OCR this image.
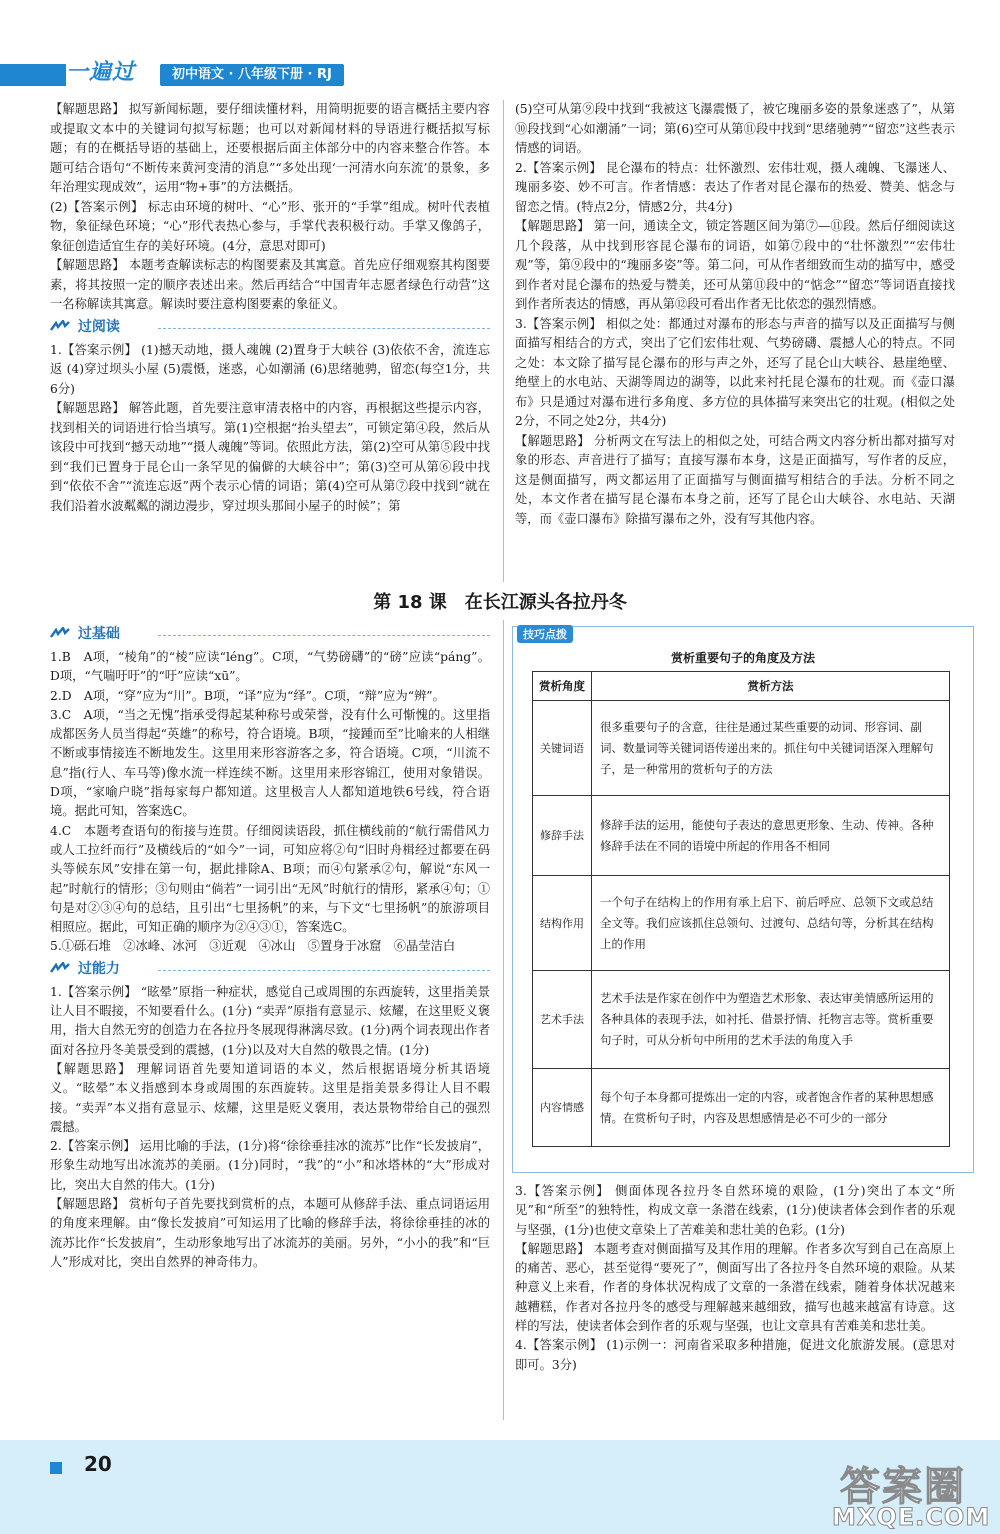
一遍过	初中语文 · 八年级下册 · RJ

【解题思路】 拟写新闻标题，要仔细读懂材料，用简明扼要的语言概括主要内容或提取文本中的关键词句拟写标题；也可以对新闻材料的导语进行概括拟写标题；有的在概括导语的基础上，还要根据后面主体部分中的内容来整合作答。本题可结合语句“不断传来黄河变清的消息”“多处出现‘一河清水向东流’的景象，多年治理实现成效”，运用“物+事”的方法概括。

(2)【答案示例】 标志由环境的树叶、“心”形、张开的“手掌”组成。树叶代表植物，象征绿色环境；“心”形代表热心参与，手掌代表积极行动。手掌又像鸽子，象征创造适宜生存的美好环境。(4分，意思对即可)

【解题思路】 本题考查解读标志的构图要素及其寓意。首先应仔细观察其构图要素，将其按照一定的顺序表述出来。然后再结合“中国青年志愿者绿色行动营”这一名称解读其寓意。解读时要注意构图要素的象征义。

过阅读

1.【答案示例】 (1)撼天动地，摄人魂魄 (2)置身于大峡谷 (3)依依不舍，流连忘返 (4)穿过坝头小屋 (5)震慑，迷惑，心如潮涌 (6)思绪驰骋，留恋(每空1分，共6分)

【解题思路】 解答此题，首先要注意审清表格中的内容，再根据这些提示内容，找到相关的词语进行恰当填写。第(1)空根据“抬头望去”，可锁定第④段，然后从该段中可找到“撼天动地”“摄人魂魄”等词。依照此方法，第(2)空可从第⑤段中找到“我们已置身于昆仑山一条罕见的偏僻的大峡谷中”；第(3)空可从第⑥段中找到“依依不舍”“流连忘返”两个表示心情的词语；第(4)空可从第⑦段中找到“就在我们沿着水波粼粼的湖边漫步，穿过坝头那间小屋子的时候”；第

(5)空可从第⑨段中找到“我被这飞瀑震慑了，被它瑰丽多姿的景象迷惑了”，从第⑩段找到“心如潮涌”一词；第(6)空可从第⑪段中找到“思绪驰骋”“留恋”这些表示情感的词语。

2.【答案示例】 昆仑瀑布的特点：壮怀激烈、宏伟壮观，摄人魂魄、飞瀑迷人、瑰丽多姿、妙不可言。作者情感：表达了作者对昆仑瀑布的热爱、赞美、惦念与留恋之情。(特点2分，情感2分，共4分)

【解题思路】 第一问，通读全文，锁定答题区间为第⑦—⑪段。然后仔细阅读这几个段落，从中找到形容昆仑瀑布的词语，如第⑦段中的“壮怀激烈”“宏伟壮观”等，第⑨段中的“瑰丽多姿”等。第二问，可从作者细致而生动的描写中，感受到作者对昆仑瀑布的热爱与赞美，还可从第⑪段中的“惦念”“留恋”等词语直接找到作者所表达的情感，再从第⑫段可看出作者无比依恋的强烈情感。

3.【答案示例】 相似之处：都通过对瀑布的形态与声音的描写以及正面描写与侧面描写相结合的方式，突出了它们宏伟壮观、气势磅礴、震撼人心的特点。不同之处：本文除了描写昆仑瀑布的形与声之外，还写了昆仑山大峡谷、悬崖绝壁、绝壁上的水电站、天湖等周边的湖等，以此来衬托昆仑瀑布的壮观。而《壶口瀑布》只是通过对瀑布进行多角度、多方位的具体描写来突出它的壮观。(相似之处2分，不同之处2分，共4分)

【解题思路】 分析两文在写法上的相似之处，可结合两文内容分析出都对描写对象的形态、声音进行了描写；直接写瀑布本身，这是正面描写，写作者的反应，这是侧面描写，两文都运用了正面描写与侧面描写相结合的手法。分析不同之处，本文作者在描写昆仑瀑布本身之前，还写了昆仑山大峡谷、水电站、天湖等，而《壶口瀑布》除描写瀑布之外，没有写其他内容。

第 18 课　在长江源头各拉丹冬
过基础

1.B　A项，“棱角”的“棱”应读“léng”。C项，“气势磅礴”的“磅”应读“páng”。D项，“气喘吁吁”的“吁”应读“xū”。

2.D　A项，“穿”应为“川”。B项，“译”应为“绎”。C项，“辩”应为“辨”。

3.C　A项，“当之无愧”指承受得起某种称号或荣誉，没有什么可惭愧的。这里指成都医务人员当得起“英雄”的称号，符合语境。B项，“接踵而至”比喻来的人相继不断或事情接连不断地发生。这里用来形容游客之多，符合语境。C项，“川流不息”指(行人、车马等)像水流一样连续不断。这里用来形容锦江，使用对象错误。D项，“家喻户晓”指每家每户都知道。这里极言人人都知道地铁6号线，符合语境。据此可知，答案选C。

4.C　本题考查语句的衔接与连贯。仔细阅读语段，抓住横线前的“航行需借风力或人工拉纤而行”及横线后的“如今”一词，可知应将②句“旧时舟楫经过都要在码头等候东风”安排在第一句，据此排除A、B项；而④句紧承②句，解说“东风一起”时航行的情形；③句则由“倘若”一词引出“无风”时航行的情形，紧承④句；①句是对②③④句的总结，且引出“七里扬帆”的来，与下文“七里扬帆”的旅游项目相照应。据此，可知正确的顺序为②④③①，答案选C。

5.①砾石堆　②冰峰、冰河　③近观　④冰山　⑤置身于冰窟　⑥晶莹洁白

过能力

1.【答案示例】 “眩晕”原指一种症状，感觉自己或周围的东西旋转，这里指美景让人目不暇接，不知要看什么。(1分) “卖弄”原指有意显示、炫耀，在这里贬义褒用，指大自然无穷的创造力在各拉丹冬展现得淋漓尽致。(1分)两个词表现出作者面对各拉丹冬美景受到的震撼，(1分)以及对大自然的敬畏之情。(1分)

【解题思路】 理解词语首先要知道词语的本义，然后根据语境分析其语境义。“眩晕”本义指感到本身或周围的东西旋转。这里是指美景多得让人目不暇接。“卖弄”本义指有意显示、炫耀，这里是贬义褒用，表达景物带给自己的强烈震撼。

2.【答案示例】 运用比喻的手法，(1分)将“徐徐垂挂冰的流苏”比作“长发披肩”，形象生动地写出冰流苏的美丽。(1分)同时，“我”的“小”和冰塔林的“大”形成对比，突出大自然的伟大。(1分)

【解题思路】 赏析句子首先要找到赏析的点，本题可从修辞手法、重点词语运用的角度来理解。由“像长发披肩”可知运用了比喻的修辞手法，将徐徐垂挂的冰的流苏比作“长发披肩”，生动形象地写出了冰流苏的美丽。另外，“小小的我”和“巨人”形成对比，突出自然界的神奇伟力。

技巧点拨
赏析重要句子的角度及方法
赏析角度	赏析方法
关键词语	很多重要句子的含意，往往是通过某些重要的动词、形容词、副词、数量词等关键词语传递出来的。抓住句中关键词语深入理解句子，是一种常用的赏析句子的方法
修辞手法	修辞手法的运用，能使句子表达的意思更形象、生动、传神。各种修辞手法在不同的语境中所起的作用各不相同
结构作用	一个句子在结构上的作用有承上启下、前后呼应、总领下文或总结全文等。我们应该抓住总领句、过渡句、总结句等，分析其在结构上的作用
艺术手法	艺术手法是作家在创作中为塑造艺术形象、表达审美情感所运用的各种具体的表现手法，如衬托、借景抒情、托物言志等。赏析重要句子时，可从分析句中所用的艺术手法的角度入手
内容情感	每个句子本身都可提炼出一定的内容，或者饱含作者的某种思想感情。在赏析句子时，内容及思想感情是必不可少的一部分

3.【答案示例】 侧面体现各拉丹冬自然环境的艰险，(1分)突出了本文“所见”和“所至”的独特性，构成文章一条潜在线索，(1分)使读者体会到作者的乐观与坚强，(1分)也使文章染上了苦难美和悲壮美的色彩。(1分)

【解题思路】 本题考查对侧面描写及其作用的理解。作者多次写到自己在高原上的痛苦、恶心，甚至觉得“要死了”，侧面写出了各拉丹冬自然环境的艰险。从某种意义上来看，作者的身体状况构成了文章的一条潜在线索，随着身体状况越来越糟糕，作者对各拉丹冬的感受与理解越来越细致，描写也越来越富有诗意。这样的写法，使读者体会到作者的乐观与坚强，也让文章具有苦难美和悲壮美。

4.【答案示例】 (1)示例一：河南省采取多种措施，促进文化旅游发展。(意思对即可。3分)

20	答案圈
MXQE.COM
